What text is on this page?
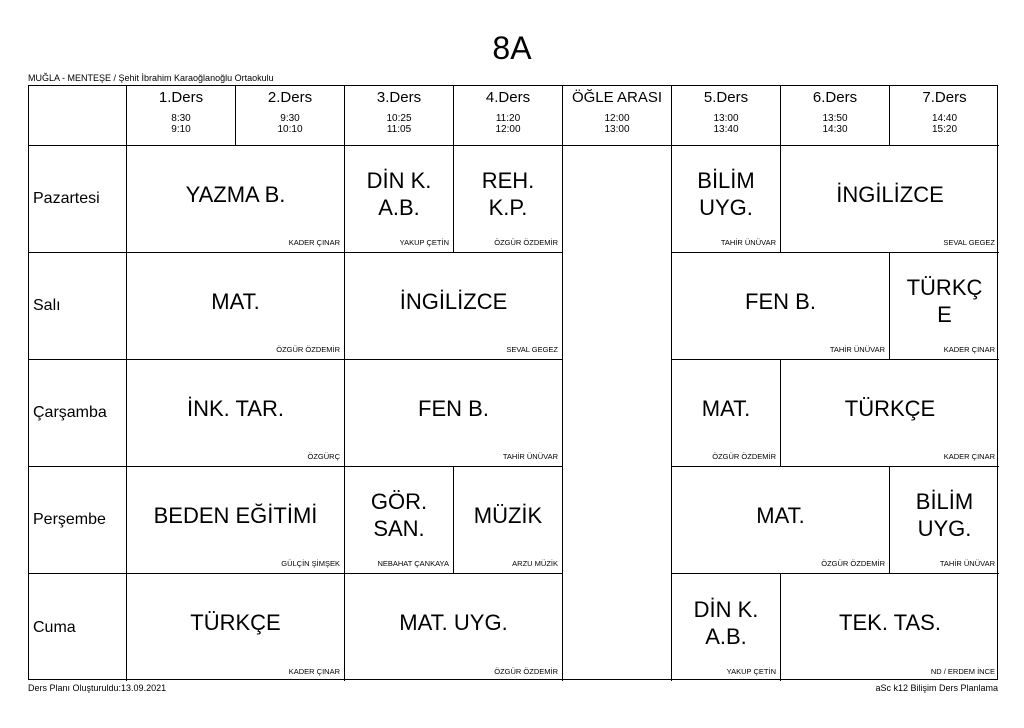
8A
MUĞLA - MENTEŞE / Şehit İbrahim Karaoğlanoğlu Ortaokulu
1.Ders
8:30
9:10
2.Ders
9:30
10:10
3.Ders
10:25
11:05
4.Ders
11:20
12:00
ÖĞLE ARASI
12:00
13:00
5.Ders
13:00
13:40
6.Ders
13:50
14:30
7.Ders
14:40
15:20
Pazartesi
Salı
Çarşamba
Perşembe
Cuma
YAZMA B.
KADER ÇINAR
DİN K.
A.B.
YAKUP ÇETİN
REH.
K.P.
ÖZGÜR ÖZDEMİR
BİLİM
UYG.
TAHİR ÜNÜVAR
İNGİLİZCE
SEVAL GEGEZ
MAT.
ÖZGÜR ÖZDEMİR
İNGİLİZCE
SEVAL GEGEZ
FEN B.
TAHİR ÜNÜVAR
TÜRKÇ
E
KADER ÇINAR
İNK. TAR.
ÖZGÜRÇ
FEN B.
TAHİR ÜNÜVAR
MAT.
ÖZGÜR ÖZDEMİR
TÜRKÇE
KADER ÇINAR
BEDEN EĞİTİMİ
GÜLÇİN ŞİMŞEK
GÖR.
SAN.
NEBAHAT ÇANKAYA
MÜZİK
ARZU MÜZİK
MAT.
ÖZGÜR ÖZDEMİR
BİLİM
UYG.
TAHİR ÜNÜVAR
TÜRKÇE
KADER ÇINAR
MAT. UYG.
ÖZGÜR ÖZDEMİR
DİN K.
A.B.
YAKUP ÇETİN
TEK. TAS.
ND / ERDEM İNCE
Ders Planı Oluşturuldu:13.09.2021	aSc k12 Bilişim Ders Planlama
